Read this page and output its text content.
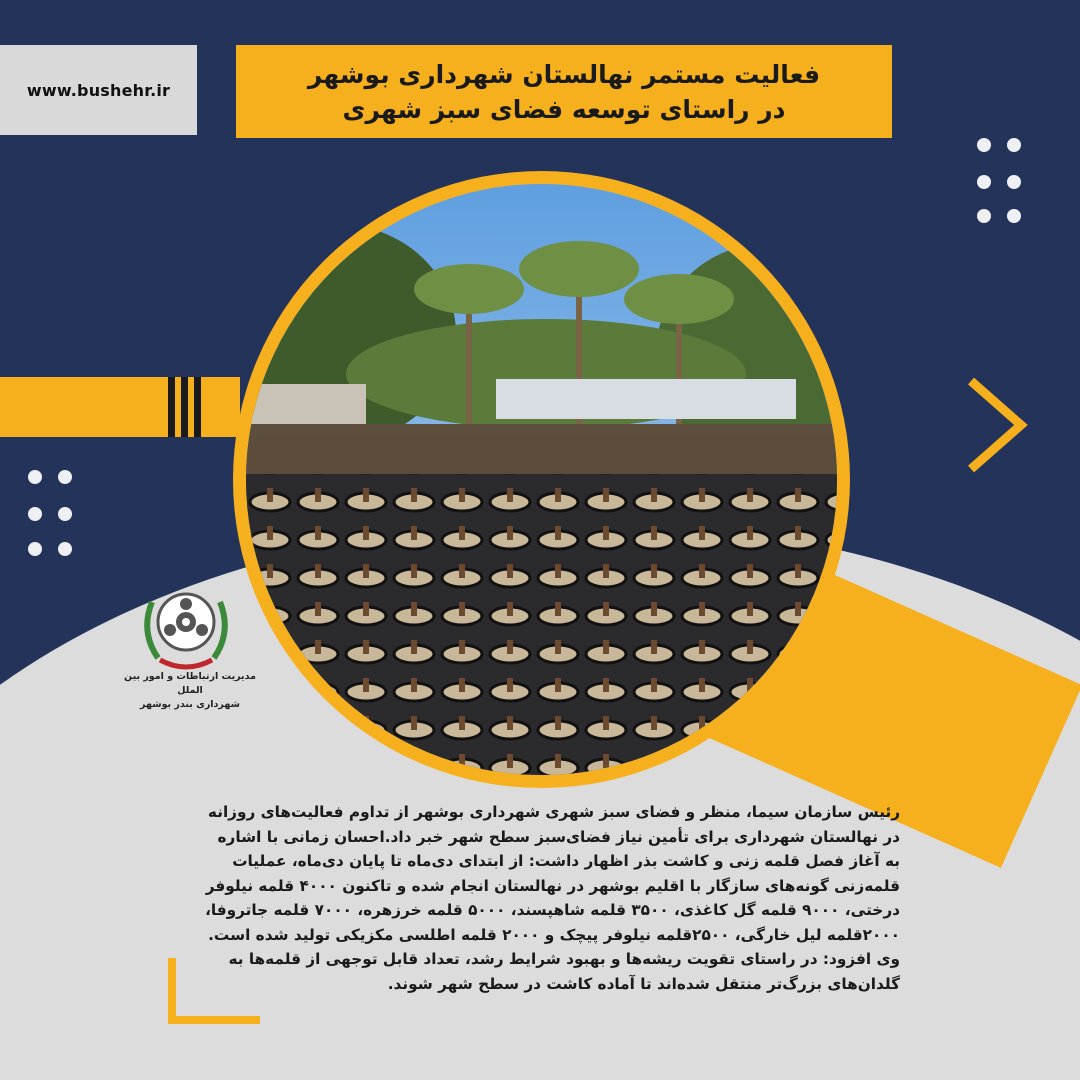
www.bushehr.ir
فعالیت مستمر نهالستان شهرداری بوشهر
در راستای توسعه فضای سبز شهری
مدیریت ارتباطات و امور بین الملل
شهرداری بندر بوشهر
رئیس سازمان سیما، منظر و فضای سبز شهری شهرداری بوشهر از تداوم فعالیت‌های روزانه
در نهالستان شهرداری برای تأمین نیاز فضای‌سبز سطح شهر خبر داد.احسان زمانی با اشاره
به آغاز فصل قلمه زنی و کاشت بذر اظهار داشت: از ابتدای دی‌ماه تا پایان دی‌ماه، عملیات
قلمه‌زنی گونه‌های سازگار با اقلیم بوشهر در نهالستان انجام شده و تاکنون ۴۰۰۰ قلمه نیلوفر
درختی، ۹۰۰۰ قلمه گل کاغذی، ۳۵۰۰ قلمه شاهپسند، ۵۰۰۰ قلمه خرزهره، ۷۰۰۰ قلمه جاتروفا،
۲۰۰۰قلمه لیل خارگی، ۲۵۰۰قلمه نیلوفر پیچک و ۲۰۰۰ قلمه اطلسی مکزیکی تولید شده است.
وی افزود: در راستای تقویت ریشه‌ها و بهبود شرایط رشد، تعداد قابل توجهی از قلمه‌ها به
گلدان‌های بزرگ‌تر منتقل شده‌اند تا آماده کاشت در سطح شهر شوند.
